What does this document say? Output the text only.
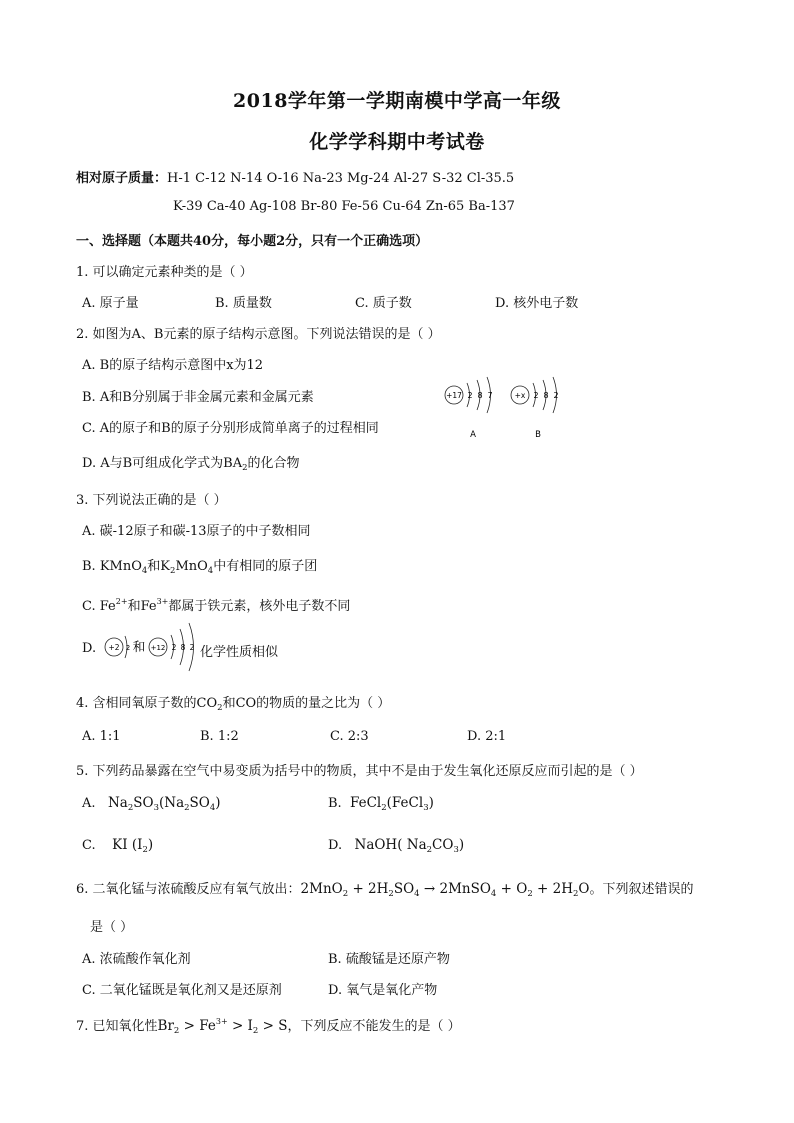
2018学年第一学期南模中学高一年级
化学学科期中考试卷
相对原子质量：H-1 C-12 N-14 O-16 Na-23 Mg-24 Al-27 S-32 Cl-35.5
K-39 Ca-40 Ag-108 Br-80 Fe-56 Cu-64 Zn-65 Ba-137
一、选择题（本题共40分，每小题2分，只有一个正确选项）
1. 可以确定元素种类的是（ ）
A. 原子量	B. 质量数	C. 质子数	D. 核外电子数
2. 如图为A、B元素的原子结构示意图。下列说法错误的是（ ）
A. B的原子结构示意图中x为12
B. A和B分别属于非金属元素和金属元素
C. A的原子和B的原子分别形成简单离子的过程相同
D. A与B可组成化学式为$BA_2$的化合物
+17 2 8 7
A
+x 2 8 2
B
3. 下列说法正确的是（ ）
A. 碳-12原子和碳-13原子的中子数相同
B. KMnO$_4$和$K_2MnO_4$中有相同的原子团
C. $Fe^{2+}$和$Fe^{3+}$都属于铁元素，核外电子数不同
D. +2 2 和 +12 2 8 2 化学性质相似
4. 含相同氧原子数的$CO_2$和CO的物质的量之比为（ ）
A. 1:1	B. 1:2	C. 2:3	D. 2:1
5. 下列药品暴露在空气中易变质为括号中的物质，其中不是由于发生氧化还原反应而引起的是（ ）
A. $Na_2SO_3(Na_2SO_4)$	B. FeCl$_2$(FeCl$_3$)
C. KI $(I_2)$	D. NaOH( $Na_2CO_3$)
6. 二氧化锰与浓硫酸反应有氧气放出：$2MnO_2 + 2H_2SO_4$ → 2MnSO$_4$ + $O_2 + 2H_2O$。下列叙述错误的
是（ ）
A. 浓硫酸作氧化剂	B. 硫酸锰是还原产物
C. 二氧化锰既是氧化剂又是还原剂	D. 氧气是氧化产物
7. 已知氧化性$Br_2 > Fe^{3+} > I_2 > S$，下列反应不能发生的是（ ）
